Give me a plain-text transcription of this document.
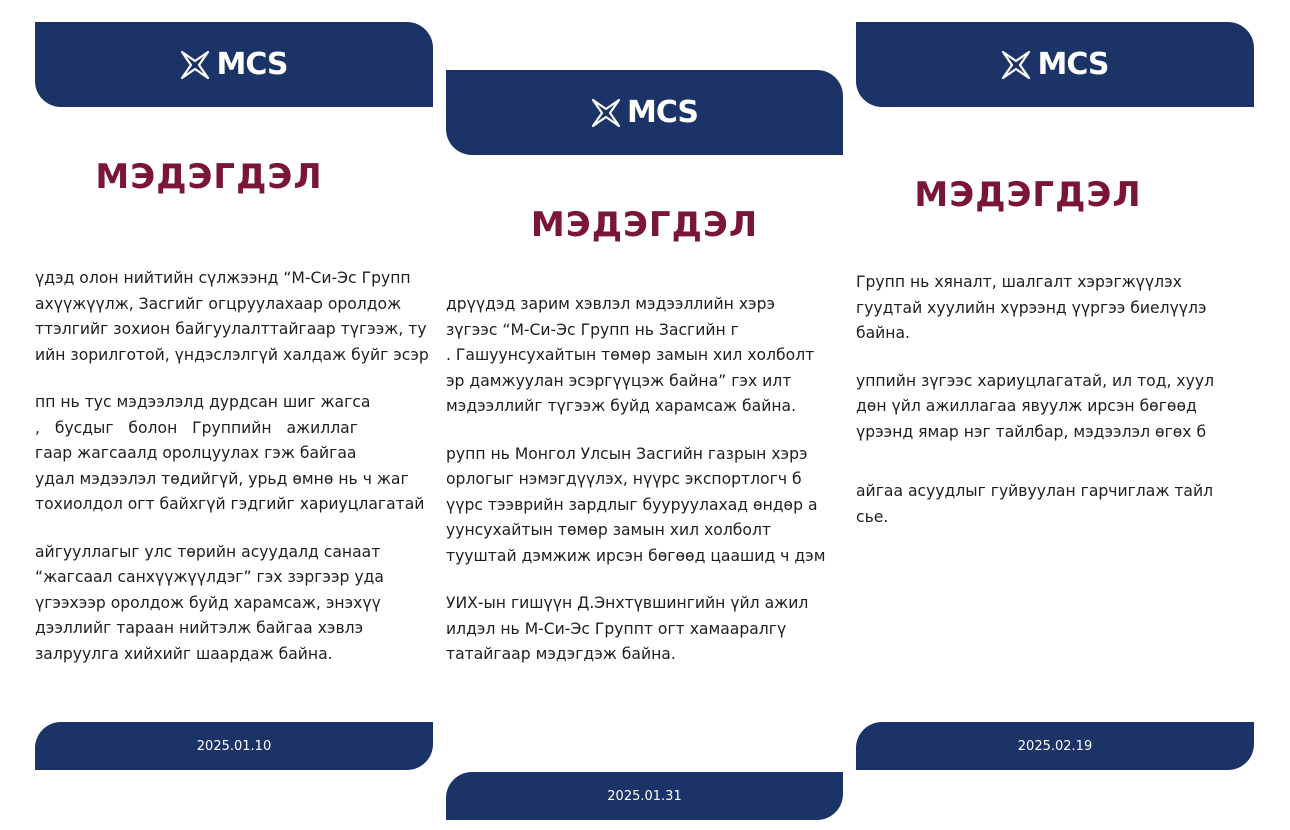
MCS
МЭДЭГДЭЛ
үдэд олон нийтийн сүлжээнд “М-Си-Эс Групп
ахүүжүүлж, Засгийг огцруулахаар оролдож
ттэлгийг зохион байгуулалттайгаар түгээж, ту
ийн зорилготой, үндэслэлгүй халдаж буйг эсэр
пп нь тус мэдээлэлд дурдсан шиг жагса
,   бусдыг   болон   Группийн   ажиллаг
гаар жагсаалд оролцуулах гэж байгаа
удал мэдээлэл төдийгүй, урьд өмнө нь ч жаг
тохиолдол огт байхгүй гэдгийг хариуцлагатай
айгууллагыг улс төрийн асуудалд санаат
“жагсаал санхүүжүүлдэг” гэх зэргээр уда
үгээхээр оролдож буйд харамсаж, энэхүү
дээллийг тараан нийтэлж байгаа хэвлэ
залруулга хийхийг шаардаж байна.
2025.01.10
MCS
МЭДЭГДЭЛ
дрүүдэд зарим хэвлэл мэдээллийн хэрэ
зүгээс “М-Си-Эс Групп нь Засгийн г
. Гашуунсухайтын төмөр замын хил холболт
эр дамжуулан эсэргүүцэж байна” гэх илт
мэдээллийг түгээж буйд харамсаж байна.
рупп нь Монгол Улсын Засгийн газрын хэрэ
орлогыг нэмэгдүүлэх, нүүрс экспортлогч б
үүрс тээврийн зардлыг бууруулахад өндөр а
уунсухайтын төмөр замын хил холболт
тууштай дэмжиж ирсэн бөгөөд цаашид ч дэм
УИХ-ын гишүүн Д.Энхтүвшингийн үйл ажил
илдэл нь М-Си-Эс Группт огт хамааралгү
татайгаар мэдэгдэж байна.
2025.01.31
MCS
МЭДЭГДЭЛ
Групп нь хяналт, шалгалт хэрэгжүүлэх
гуудтай хуулийн хүрээнд үүргээ биелүүлэ
байна.
уппийн зүгээс хариуцлагатай, ил тод, хуул
дөн үйл ажиллагаа явуулж ирсэн бөгөөд
үрээнд ямар нэг тайлбар, мэдээлэл өгөх б
айгаа асуудлыг гуйвуулан гарчиглаж тайл
сье.
2025.02.19
